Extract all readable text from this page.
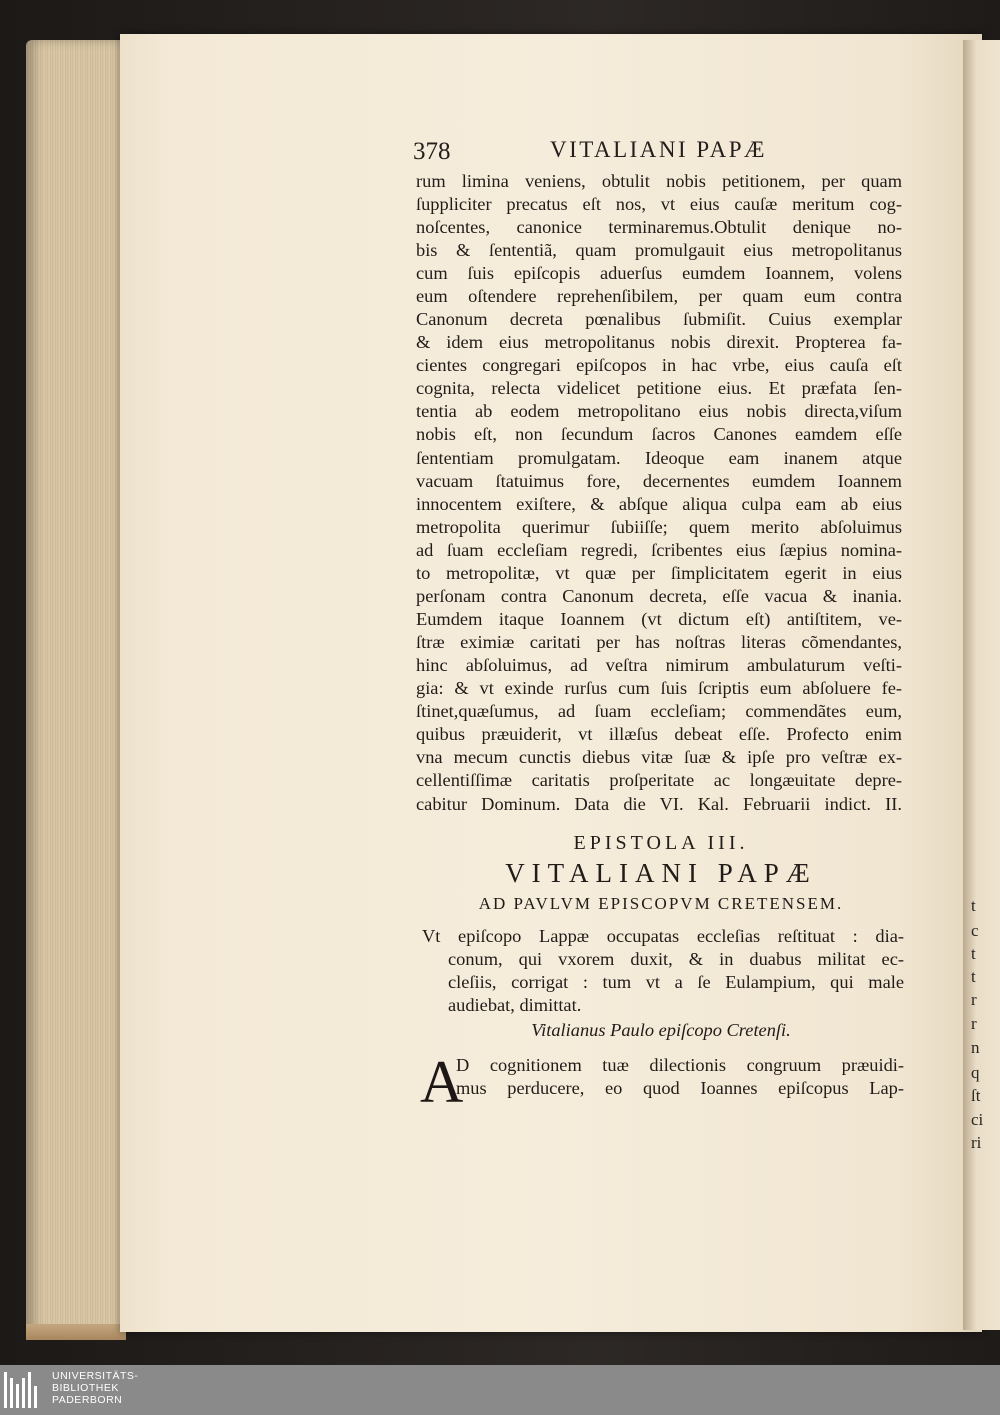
t
c
t
t
r
r
n
q
ſt
ci
ri
378	VITALIANI PAPÆ
rum limina veniens, obtulit nobis petitionem, per quam
ſuppliciter precatus eſt nos, vt eius cauſæ meritum cog-
noſcentes, canonice terminaremus.Obtulit denique no-
bis & ſententiã, quam promulgauit eius metropolitanus
cum ſuis epiſcopis aduerſus eumdem Ioannem, volens
eum oſtendere reprehenſibilem, per quam eum contra
Canonum decreta pœnalibus ſubmiſit. Cuius exemplar
& idem eius metropolitanus nobis direxit. Propterea fa-
cientes congregari epiſcopos in hac vrbe, eius cauſa eſt
cognita, relecta videlicet petitione eius. Et præfata ſen-
tentia ab eodem metropolitano eius nobis directa,viſum
nobis eſt, non ſecundum ſacros Canones eamdem eſſe
ſententiam promulgatam. Ideoque eam inanem atque
vacuam ſtatuimus fore, decernentes eumdem Ioannem
innocentem exiſtere, & abſque aliqua culpa eam ab eius
metropolita querimur ſubiiſſe; quem merito abſoluimus
ad ſuam eccleſiam regredi, ſcribentes eius ſæpius nomina-
to metropolitæ, vt quæ per ſimplicitatem egerit in eius
perſonam contra Canonum decreta, eſſe vacua & inania.
Eumdem itaque Ioannem (vt dictum eſt) antiſtitem, ve-
ſtræ eximiæ caritati per has noſtras literas cõmendantes,
hinc abſoluimus, ad veſtra nimirum ambulaturum veſti-
gia: & vt exinde rurſus cum ſuis ſcriptis eum abſoluere fe-
ſtinet,quæſumus, ad ſuam eccleſiam; commendãtes eum,
quibus præuiderit, vt illæſus debeat eſſe. Profecto enim
vna mecum cunctis diebus vitæ ſuæ & ipſe pro veſtræ ex-
cellentiſſimæ caritatis proſperitate ac longæuitate depre-
cabitur Dominum. Data die VI. Kal. Februarii indict. II.
EPISTOLA III.
VITALIANI PAPÆ
AD PAVLVM EPISCOPVM CRETENSEM.
Vt epiſcopo Lappæ occupatas eccleſias reſtituat : dia-
conum, qui vxorem duxit, & in duabus militat ec-
cleſiis, corrigat : tum vt a ſe Eulampium, qui male
audiebat, dimittat.
Vitalianus Paulo epiſcopo Cretenſi.
A
D cognitionem tuæ dilectionis congruum præuidi-
mus perducere, eo quod Ioannes epiſcopus Lap-
UNIVERSITÄTS-
BIBLIOTHEK
PADERBORN
